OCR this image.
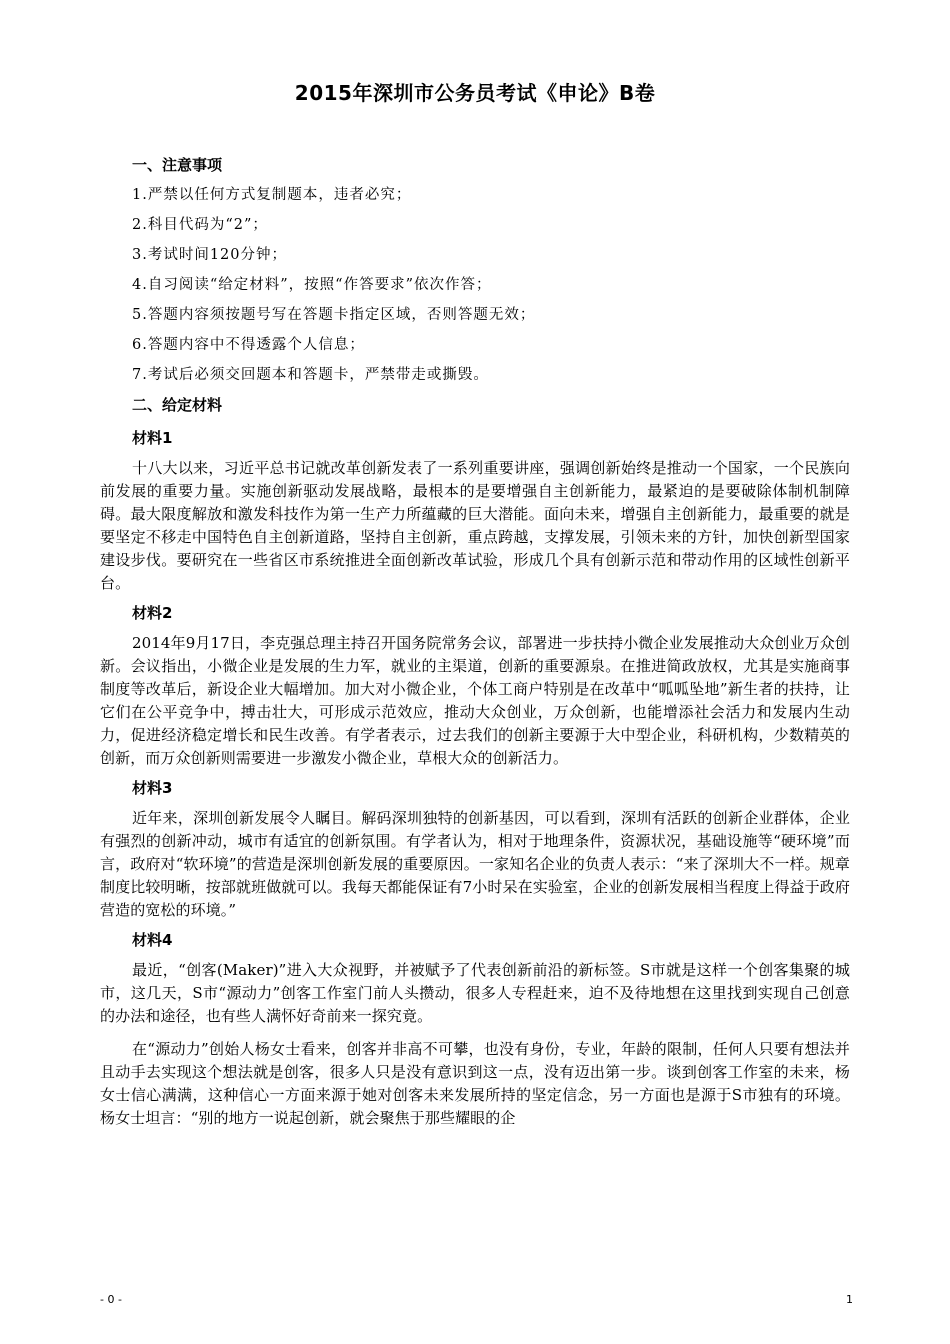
2015年深圳市公务员考试《申论》B卷

一、注意事项

1.严禁以任何方式复制题本，违者必究；

2.科目代码为“2”；

3.考试时间120分钟；

4.自习阅读“给定材料”，按照“作答要求”依次作答；

5.答题内容须按题号写在答题卡指定区域，否则答题无效；

6.答题内容中不得透露个人信息；

7.考试后必须交回题本和答题卡，严禁带走或撕毁。

二、给定材料

材料1

十八大以来，习近平总书记就改革创新发表了一系列重要讲座，强调创新始终是推动一个国家，一个民族向前发展的重要力量。实施创新驱动发展战略，最根本的是要增强自主创新能力，最紧迫的是要破除体制机制障碍。最大限度解放和激发科技作为第一生产力所蕴藏的巨大潜能。面向未来，增强自主创新能力，最重要的就是要坚定不移走中国特色自主创新道路，坚持自主创新，重点跨越，支撑发展，引领未来的方针，加快创新型国家建设步伐。要研究在一些省区市系统推进全面创新改革试验，形成几个具有创新示范和带动作用的区域性创新平台。

材料2

2014年9月17日，李克强总理主持召开国务院常务会议，部署进一步扶持小微企业发展推动大众创业万众创新。会议指出，小微企业是发展的生力军，就业的主渠道，创新的重要源泉。在推进简政放权，尤其是实施商事制度等改革后，新设企业大幅增加。加大对小微企业，个体工商户特别是在改革中“呱呱坠地”新生者的扶持，让它们在公平竞争中，搏击壮大，可形成示范效应，推动大众创业，万众创新，也能增添社会活力和发展内生动力，促进经济稳定增长和民生改善。有学者表示，过去我们的创新主要源于大中型企业，科研机构，少数精英的创新，而万众创新则需要进一步激发小微企业，草根大众的创新活力。

材料3

近年来，深圳创新发展令人瞩目。解码深圳独特的创新基因，可以看到，深圳有活跃的创新企业群体，企业有强烈的创新冲动，城市有适宜的创新氛围。有学者认为，相对于地理条件，资源状况，基础设施等“硬环境”而言，政府对“软环境”的营造是深圳创新发展的重要原因。一家知名企业的负责人表示：“来了深圳大不一样。规章制度比较明晰，按部就班做就可以。我每天都能保证有7小时呆在实验室，企业的创新发展相当程度上得益于政府营造的宽松的环境。”

材料4

最近，“创客(Maker)”进入大众视野，并被赋予了代表创新前沿的新标签。S市就是这样一个创客集聚的城市，这几天，S市“源动力”创客工作室门前人头攒动，很多人专程赶来，迫不及待地想在这里找到实现自己创意的办法和途径，也有些人满怀好奇前来一探究竟。

在“源动力”创始人杨女士看来，创客并非高不可攀，也没有身份，专业，年龄的限制，任何人只要有想法并且动手去实现这个想法就是创客，很多人只是没有意识到这一点，没有迈出第一步。谈到创客工作室的未来，杨女士信心满满，这种信心一方面来源于她对创客未来发展所持的坚定信念，另一方面也是源于S市独有的环境。杨女士坦言：“别的地方一说起创新，就会聚焦于那些耀眼的企

- 0 -	1
